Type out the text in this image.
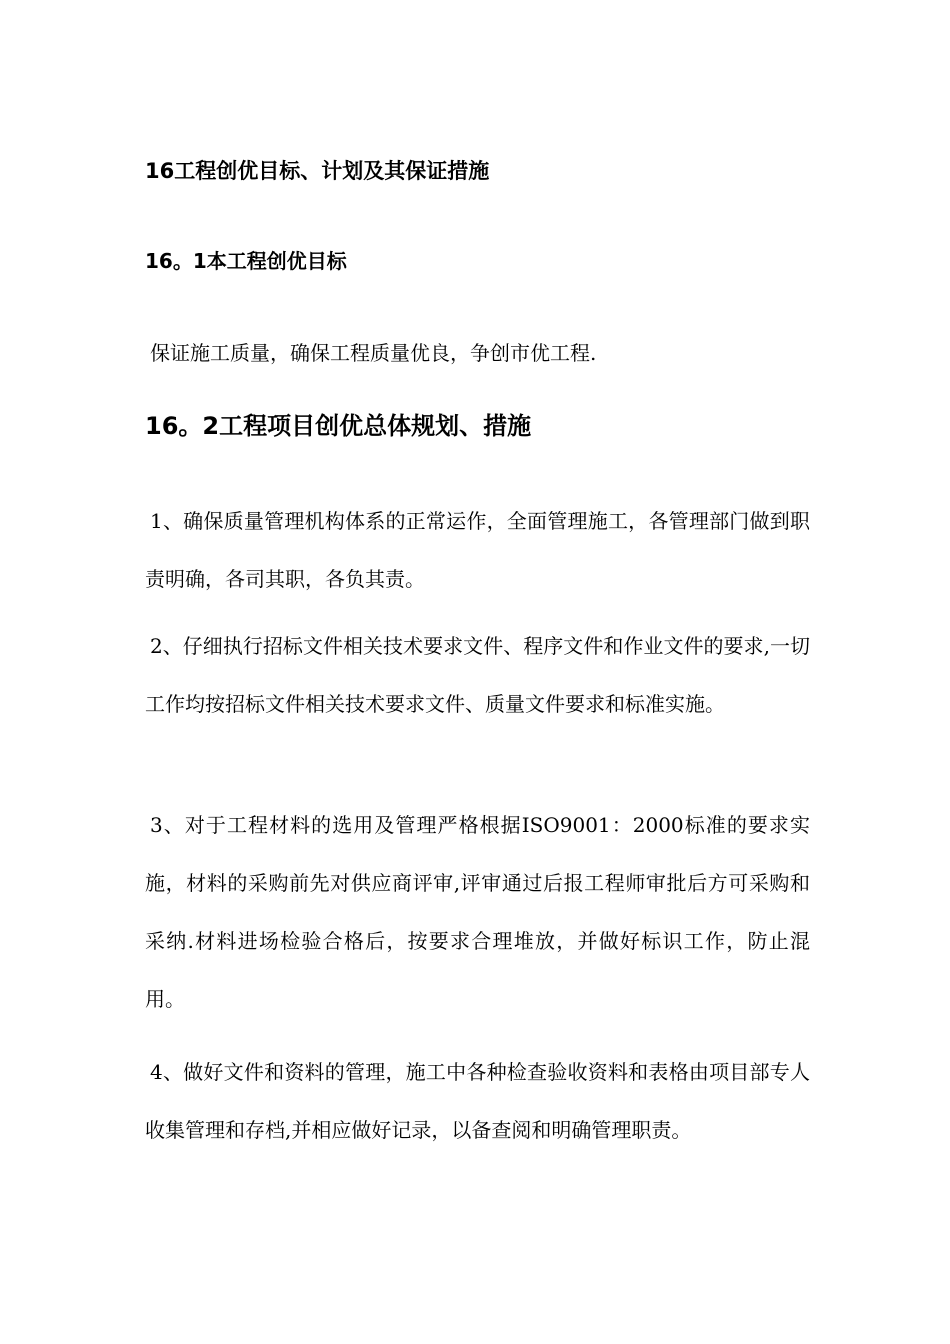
16工程创优目标、计划及其保证措施
16。1本工程创优目标
保证施工质量，确保工程质量优良，争创市优工程.
16。2工程项目创优总体规划、措施

1、确保质量管理机构体系的正常运作，全面管理施工，各管理部门做到职责明确，各司其职，各负其责。

2、仔细执行招标文件相关技术要求文件、程序文件和作业文件的要求,一切工作均按招标文件相关技术要求文件、质量文件要求和标准实施。

3、对于工程材料的选用及管理严格根据ISO9001：2000标准的要求实施，材料的采购前先对供应商评审,评审通过后报工程师审批后方可采购和采纳.材料进场检验合格后，按要求合理堆放，并做好标识工作，防止混用。

4、做好文件和资料的管理，施工中各种检查验收资料和表格由项目部专人收集管理和存档,并相应做好记录，以备查阅和明确管理职责。
